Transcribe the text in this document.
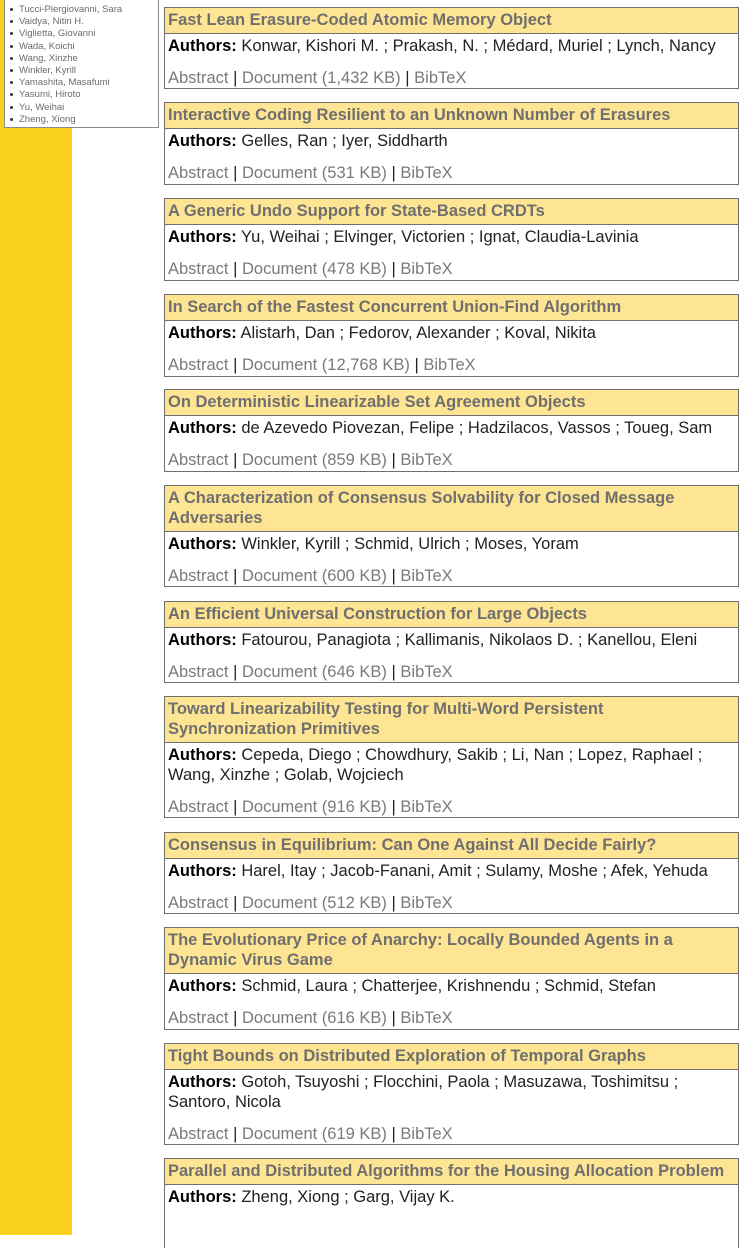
Tucci-Piergiovanni, Sara
Vaidya, Nitin H.
Viglietta, Giovanni
Wada, Koichi
Wang, Xinzhe
Winkler, Kyrill
Yamashita, Masafumi
Yasumi, Hiroto
Yu, Weihai
Zheng, Xiong
Fast Lean Erasure-Coded Atomic Memory Object
Authors: Konwar, Kishori M. ; Prakash, N. ; Médard, Muriel ; Lynch, Nancy
Abstract | Document (1,432 KB) | BibTeX
Interactive Coding Resilient to an Unknown Number of Erasures
Authors: Gelles, Ran ; Iyer, Siddharth
Abstract | Document (531 KB) | BibTeX
A Generic Undo Support for State-Based CRDTs
Authors: Yu, Weihai ; Elvinger, Victorien ; Ignat, Claudia-Lavinia
Abstract | Document (478 KB) | BibTeX
In Search of the Fastest Concurrent Union-Find Algorithm
Authors: Alistarh, Dan ; Fedorov, Alexander ; Koval, Nikita
Abstract | Document (12,768 KB) | BibTeX
On Deterministic Linearizable Set Agreement Objects
Authors: de Azevedo Piovezan, Felipe ; Hadzilacos, Vassos ; Toueg, Sam
Abstract | Document (859 KB) | BibTeX
A Characterization of Consensus Solvability for Closed Message Adversaries
Authors: Winkler, Kyrill ; Schmid, Ulrich ; Moses, Yoram
Abstract | Document (600 KB) | BibTeX
An Efficient Universal Construction for Large Objects
Authors: Fatourou, Panagiota ; Kallimanis, Nikolaos D. ; Kanellou, Eleni
Abstract | Document (646 KB) | BibTeX
Toward Linearizability Testing for Multi-Word Persistent Synchronization Primitives
Authors: Cepeda, Diego ; Chowdhury, Sakib ; Li, Nan ; Lopez, Raphael ; Wang, Xinzhe ; Golab, Wojciech
Abstract | Document (916 KB) | BibTeX
Consensus in Equilibrium: Can One Against All Decide Fairly?
Authors: Harel, Itay ; Jacob-Fanani, Amit ; Sulamy, Moshe ; Afek, Yehuda
Abstract | Document (512 KB) | BibTeX
The Evolutionary Price of Anarchy: Locally Bounded Agents in a Dynamic Virus Game
Authors: Schmid, Laura ; Chatterjee, Krishnendu ; Schmid, Stefan
Abstract | Document (616 KB) | BibTeX
Tight Bounds on Distributed Exploration of Temporal Graphs
Authors: Gotoh, Tsuyoshi ; Flocchini, Paola ; Masuzawa, Toshimitsu ; Santoro, Nicola
Abstract | Document (619 KB) | BibTeX
Parallel and Distributed Algorithms for the Housing Allocation Problem
Authors: Zheng, Xiong ; Garg, Vijay K.
